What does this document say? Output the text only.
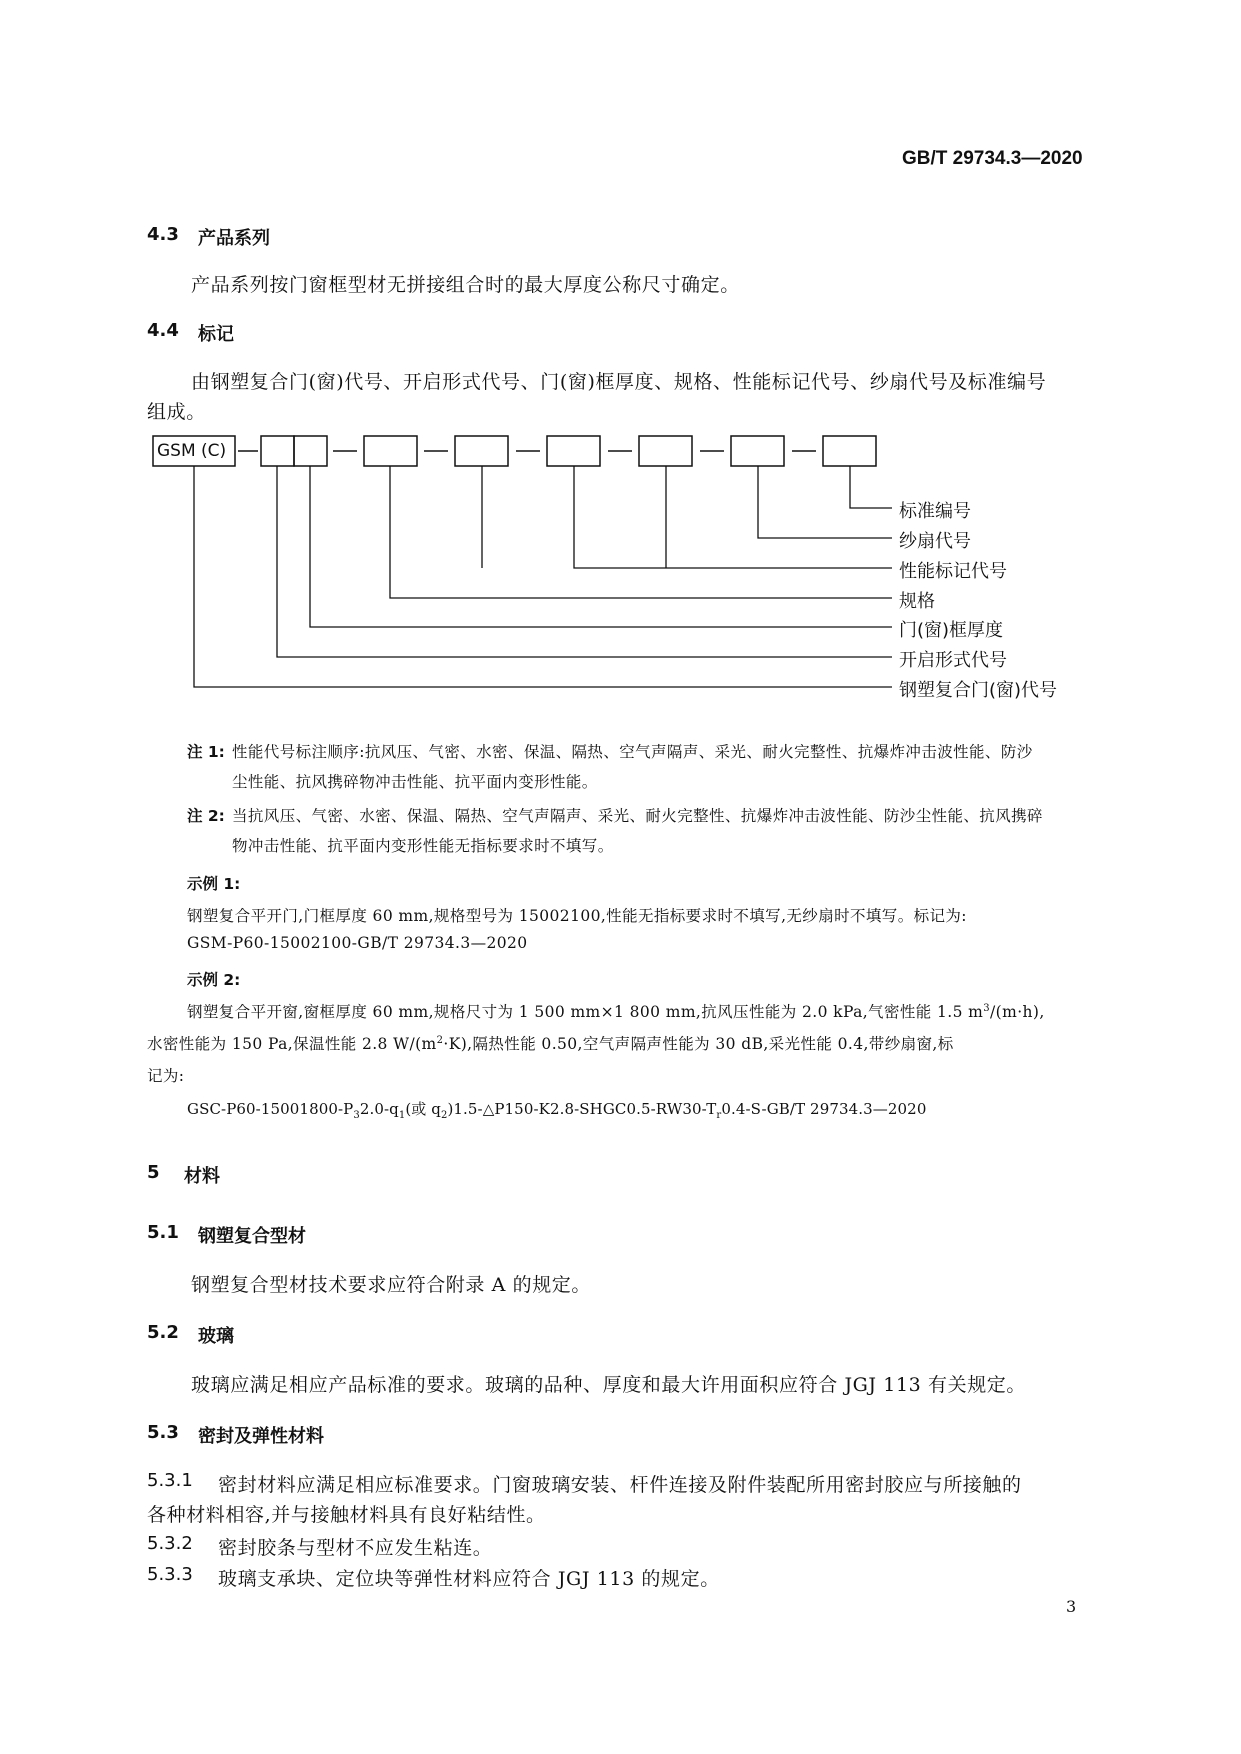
GB/T 29734.3—2020
4.3 产品系列
产品系列按门窗框型材无拼接组合时的最大厚度公称尺寸确定。
4.4 标记
由钢塑复合门(窗)代号、开启形式代号、门(窗)框厚度、规格、性能标记代号、纱扇代号及标准编号
组成。
GSM (C)
标准编号
纱扇代号
性能标记代号
规格
门(窗)框厚度
开启形式代号
钢塑复合门(窗)代号
注 1: 性能代号标注顺序:抗风压、气密、水密、保温、隔热、空气声隔声、采光、耐火完整性、抗爆炸冲击波性能、防沙
尘性能、抗风携碎物冲击性能、抗平面内变形性能。
注 2: 当抗风压、气密、水密、保温、隔热、空气声隔声、采光、耐火完整性、抗爆炸冲击波性能、防沙尘性能、抗风携碎
物冲击性能、抗平面内变形性能无指标要求时不填写。
示例 1:
钢塑复合平开门,门框厚度 60 mm,规格型号为 15002100,性能无指标要求时不填写,无纱扇时不填写。标记为:
GSM-P60-15002100-GB/T 29734.3—2020
示例 2:
钢塑复合平开窗,窗框厚度 60 mm,规格尺寸为 1 500 mm×1 800 mm,抗风压性能为 2.0 kPa,气密性能 1.5 $m^3/(m\cdot h)$,
水密性能为 150 Pa,保温性能 2.8 $W/(m^2\cdot K)$,隔热性能 0.50,空气声隔声性能为 30 dB,采光性能 0.4,带纱扇窗,标
记为:
GSC-$P60-15001800-P_32.0-q_1$(或 $q_2)1.5-\triangle P150-K2.8-SHGC0.5-RW30-T_r0.4-S-GB/T$ 29734.3—2020
5 材料
5.1 钢塑复合型材
钢塑复合型材技术要求应符合附录 A 的规定。
5.2 玻璃
玻璃应满足相应产品标准的要求。玻璃的品种、厚度和最大许用面积应符合 JGJ 113 有关规定。
5.3 密封及弹性材料
5.3.1 密封材料应满足相应标准要求。门窗玻璃安装、杆件连接及附件装配所用密封胶应与所接触的
各种材料相容,并与接触材料具有良好粘结性。
5.3.2 密封胶条与型材不应发生粘连。
5.3.3 玻璃支承块、定位块等弹性材料应符合 JGJ 113 的规定。
3
